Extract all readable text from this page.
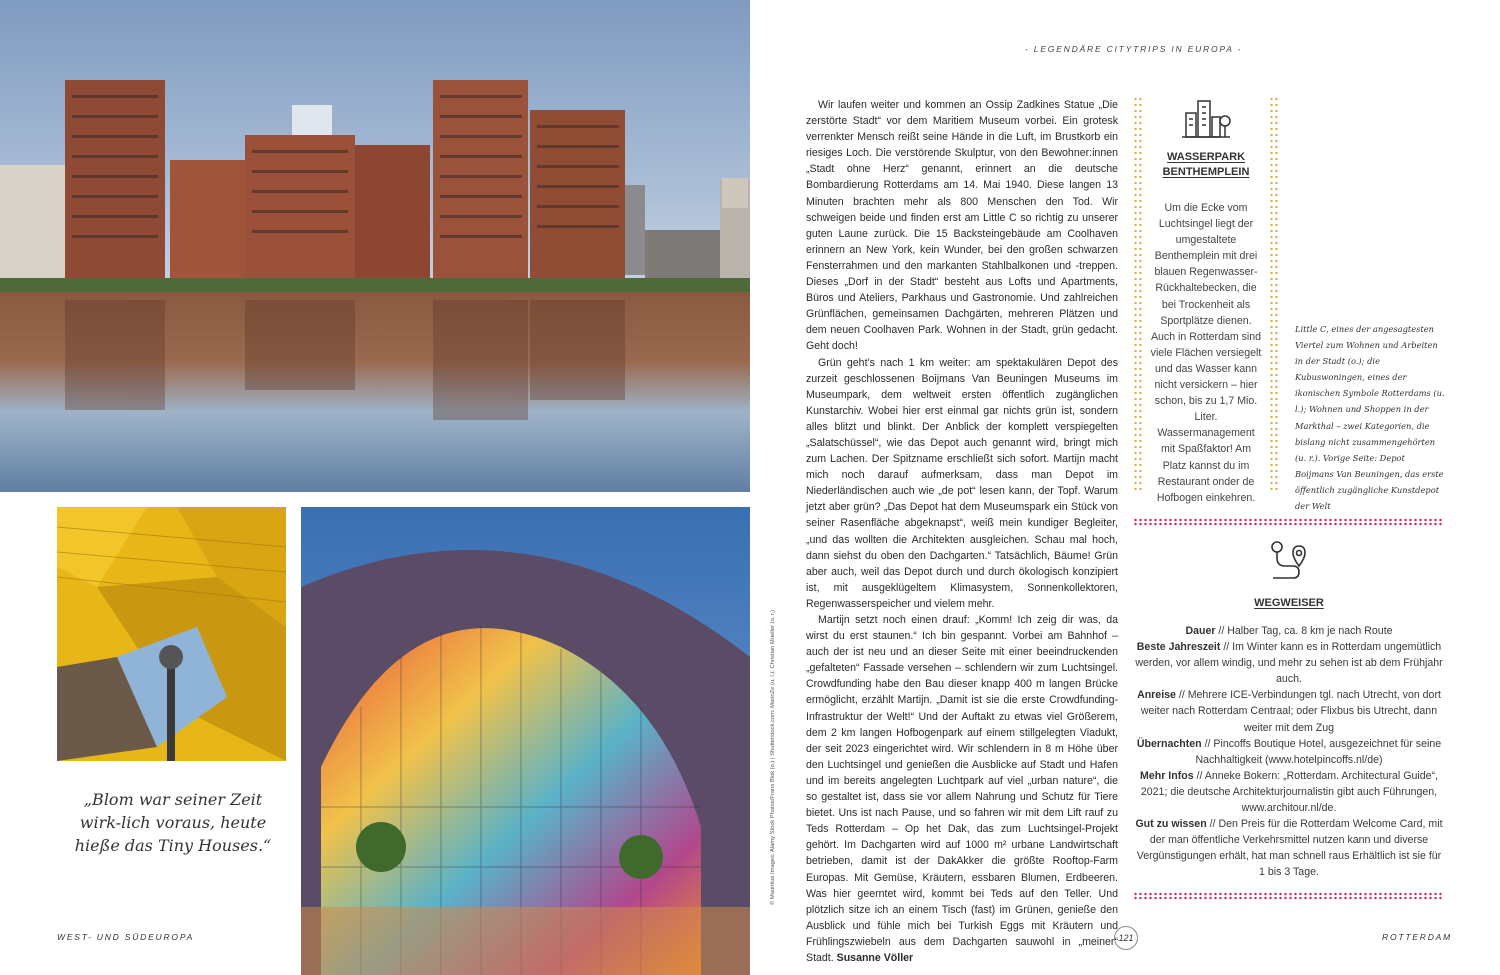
„Blom war seiner Zeit wirk-lich voraus, heute hieße das Tiny Houses.“
WEST- UND SÜDEUROPA
- LEGENDÄRE CITYTRIPS IN EUROPA -
© Mauritius Images: Alamy Stock Photos/Frans Blok (o.) | Shutterstock.com: MarinZe (u. l.); Christian Mueller (u. r.)

Wir laufen weiter und kommen an Ossip Zadkines Statue „Die zerstörte Stadt“ vor dem Maritiem Museum vorbei. Ein grotesk verrenkter Mensch reißt seine Hände in die Luft, im Brustkorb ein riesiges Loch. Die verstörende Skulptur, von den Bewohner:innen „Stadt ohne Herz“ genannt, erinnert an die deutsche Bombardierung Rotterdams am 14. Mai 1940. Diese langen 13 Minuten brachten mehr als 800 Menschen den Tod. Wir schweigen beide und finden erst am Little C so richtig zu unserer guten Laune zurück. Die 15 Backsteingebäude am Coolhaven erinnern an New York, kein Wunder, bei den großen schwarzen Fensterrahmen und den markanten Stahlbalkonen und -treppen. Dieses „Dorf in der Stadt“ besteht aus Lofts und Apartments, Büros und Ateliers, Parkhaus und Gastronomie. Und zahlreichen Grünflächen, gemeinsamen Dachgärten, mehreren Plätzen und dem neuen Coolhaven Park. Wohnen in der Stadt, grün gedacht. Geht doch!

Grün geht’s nach 1 km weiter: am spektakulären Depot des zurzeit geschlossenen Boijmans Van Beuningen Museums im Museumpark, dem weltweit ersten öffentlich zugänglichen Kunstarchiv. Wobei hier erst einmal gar nichts grün ist, sondern alles blitzt und blinkt. Der Anblick der komplett verspiegelten „Salatschüssel“, wie das Depot auch genannt wird, bringt mich zum Lachen. Der Spitzname erschließt sich sofort. Martijn macht mich noch darauf aufmerksam, dass man Depot im Niederländischen auch wie „de pot“ lesen kann, der Topf. Warum jetzt aber grün? „Das Depot hat dem Museumspark ein Stück von seiner Rasenfläche abgeknapst“, weiß mein kundiger Begleiter, „und das wollten die Architekten ausgleichen. Schau mal hoch, dann siehst du oben den Dachgarten.“ Tatsächlich, Bäume! Grün aber auch, weil das Depot durch und durch ökologisch konzipiert ist, mit ausgeklügeltem Klimasystem, Sonnenkollektoren, Regenwasserspeicher und vielem mehr.

Martijn setzt noch einen drauf: „Komm! Ich zeig dir was, da wirst du erst staunen.“ Ich bin gespannt. Vorbei am Bahnhof – auch der ist neu und an dieser Seite mit einer beeindruckenden „gefalteten“ Fassade versehen – schlendern wir zum Luchtsingel. Crowdfunding habe den Bau dieser knapp 400 m langen Brücke ermöglicht, erzählt Martijn. „Damit ist sie die erste Crowdfunding-Infrastruktur der Welt!“ Und der Auftakt zu etwas viel Größerem, dem 2 km langen Hofbogenpark auf einem stillgelegten Viadukt, der seit 2023 eingerichtet wird. Wir schlendern in 8 m Höhe über den Luchtsingel und genießen die Ausblicke auf Stadt und Hafen und im bereits angelegten Luchtpark auf viel „urban nature“, die so gestaltet ist, dass sie vor allem Nahrung und Schutz für Tiere bietet. Uns ist nach Pause, und so fahren wir mit dem Lift rauf zu Teds Rotterdam – Op het Dak, das zum Luchtsingel-Projekt gehört. Im Dachgarten wird auf 1000 m² urbane Landwirtschaft betrieben, damit ist der DakAkker die größte Rooftop-Farm Europas. Mit Gemüse, Kräutern, essbaren Blumen, Erdbeeren. Was hier geerntet wird, kommt bei Teds auf den Teller. Und plötzlich sitze ich an einem Tisch (fast) im Grünen, genieße den Ausblick und fühle mich bei Turkish Eggs mit Kräutern und Frühlingszwiebeln aus dem Dachgarten sauwohl in „meiner“ Stadt. Susanne Völler

WASSERPARK
BENTHEMPLEIN
Um die Ecke vom Luchtsingel liegt der umgestaltete Benthemplein mit drei blauen Regenwasser-Rückhaltebecken, die bei Trockenheit als Sportplätze dienen. Auch in Rotterdam sind viele Flächen versiegelt und das Wasser kann nicht versickern – hier schon, bis zu 1,7 Mio. Liter. Wassermanagement mit Spaßfaktor! Am Platz kannst du im Restaurant onder de Hofbogen einkehren.
Little C, eines der angesagtesten Viertel zum Wohnen und Arbeiten in der Stadt (o.); die Kubuswoningen, eines der ikonischen Symbole Rotterdams (u. l.); Wohnen und Shoppen in der Markthal – zwei Kategorien, die bislang nicht zusammengehörten (u. r.). Vorige Seite: Depot Boijmans Van Beuningen, das erste öffentlich zugängliche Kunstdepot der Welt
WEGWEISER
Dauer // Halber Tag, ca. 8 km je nach Route
Beste Jahreszeit // Im Winter kann es in Rotterdam ungemütlich werden, vor allem windig, und mehr zu sehen ist ab dem Frühjahr auch.
Anreise // Mehrere ICE-Verbindungen tgl. nach Utrecht, von dort weiter nach Rotterdam Centraal; oder Flixbus bis Utrecht, dann weiter mit dem Zug
Übernachten // Pincoffs Boutique Hotel, ausgezeichnet für seine Nachhaltigkeit (www.hotelpincoffs.nl/de)
Mehr Infos // Anneke Bokern: „Rotterdam. Architectural Guide“, 2021; die deutsche Architekturjournalistin gibt auch Führungen, www.architour.nl/de.
Gut zu wissen // Den Preis für die Rotterdam Welcome Card, mit der man öffentliche Verkehrsmittel nutzen kann und diverse Vergünstigungen erhält, hat man schnell raus Erhältlich ist sie für 1 bis 3 Tage.
121	ROTTERDAM
